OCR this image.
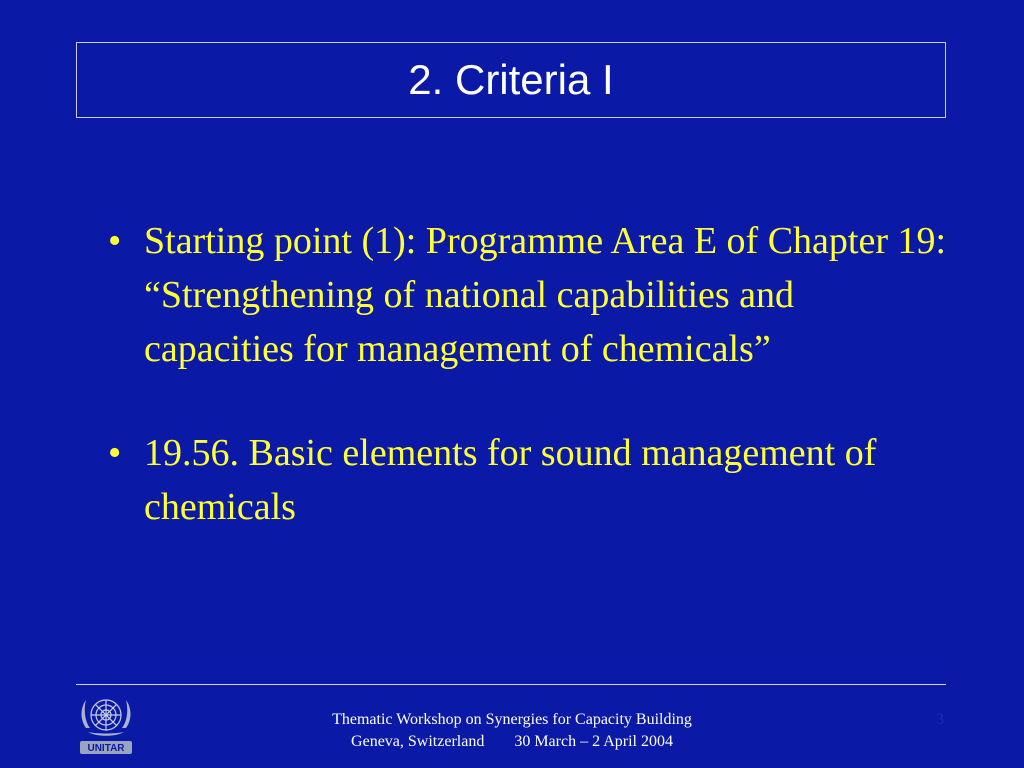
2. Criteria I
• Starting point (1): Programme Area E of Chapter 19: “Strengthening of national capabilities and capacities for management of chemicals”
• 19.56. Basic elements for sound management of chemicals
UNITAR
Thematic Workshop on Synergies for Capacity Building
Geneva, Switzerland 30 March – 2 April 2004
3
